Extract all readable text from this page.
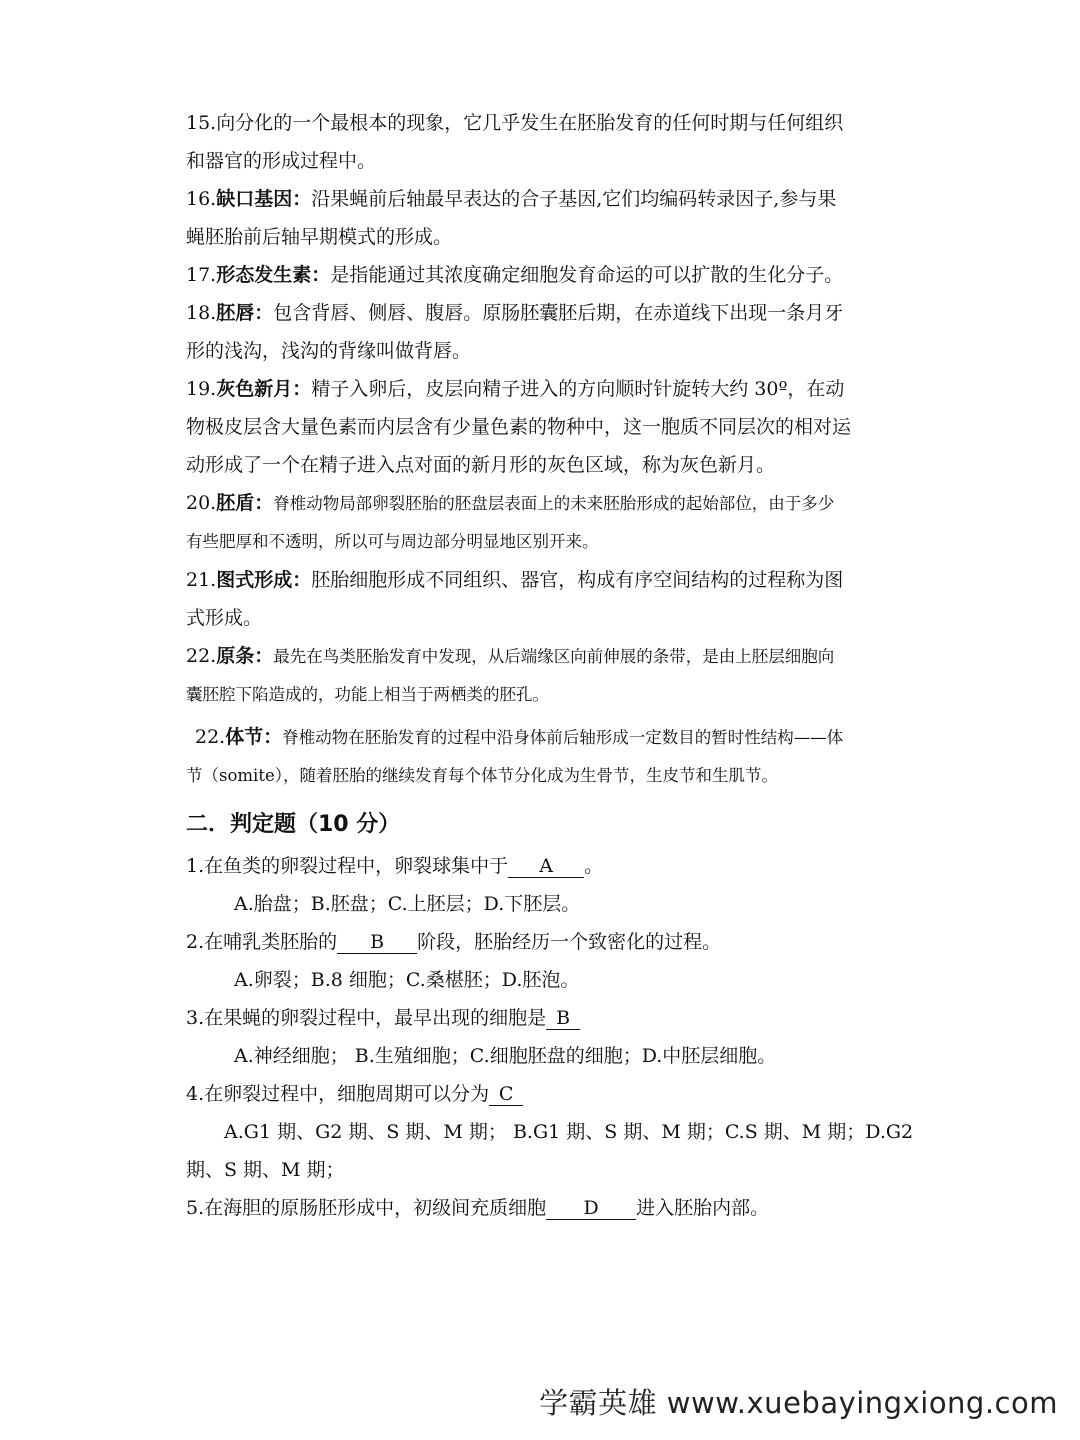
15.向分化的一个最根本的现象，它几乎发生在胚胎发育的任何时期与任何组织
和器官的形成过程中。
16.缺口基因：沿果蝇前后轴最早表达的合子基因,它们均编码转录因子,参与果
蝇胚胎前后轴早期模式的形成。
17.形态发生素：是指能通过其浓度确定细胞发育命运的可以扩散的生化分子。
18.胚唇：包含背唇、侧唇、腹唇。原肠胚囊胚后期，在赤道线下出现一条月牙
形的浅沟，浅沟的背缘叫做背唇。
19.灰色新月：精子入卵后，皮层向精子进入的方向顺时针旋转大约 30º，在动
物极皮层含大量色素而内层含有少量色素的物种中，这一胞质不同层次的相对运
动形成了一个在精子进入点对面的新月形的灰色区域，称为灰色新月。
20.胚盾：脊椎动物局部卵裂胚胎的胚盘层表面上的未来胚胎形成的起始部位，由于多少
有些肥厚和不透明，所以可与周边部分明显地区别开来。
21.图式形成：胚胎细胞形成不同组织、器官，构成有序空间结构的过程称为图
式形成。
22.原条：最先在鸟类胚胎发育中发现，从后端缘区向前伸展的条带，是由上胚层细胞向
囊胚腔下陷造成的，功能上相当于两栖类的胚孔。
22.体节：脊椎动物在胚胎发育的过程中沿身体前后轴形成一定数目的暂时性结构——体
节（somite），随着胚胎的继续发育每个体节分化成为生骨节，生皮节和生肌节。
二．判定题（10 分）
1.在鱼类的卵裂过程中，卵裂球集中于 A 。
A.胎盘；B.胚盘；C.上胚层；D.下胚层。
2.在哺乳类胚胎的 B 阶段，胚胎经历一个致密化的过程。
A.卵裂；B.8 细胞；C.桑椹胚；D.胚泡。
3.在果蝇的卵裂过程中，最早出现的细胞是 B
A.神经细胞； B.生殖细胞；C.细胞胚盘的细胞；D.中胚层细胞。
4.在卵裂过程中，细胞周期可以分为 C
A.G1 期、G2 期、S 期、M 期； B.G1 期、S 期、M 期；C.S 期、M 期；D.G2
期、S 期、M 期；
5.在海胆的原肠胚形成中，初级间充质细胞 D 进入胚胎内部。
学霸英雄 www.xuebayingxiong.com
